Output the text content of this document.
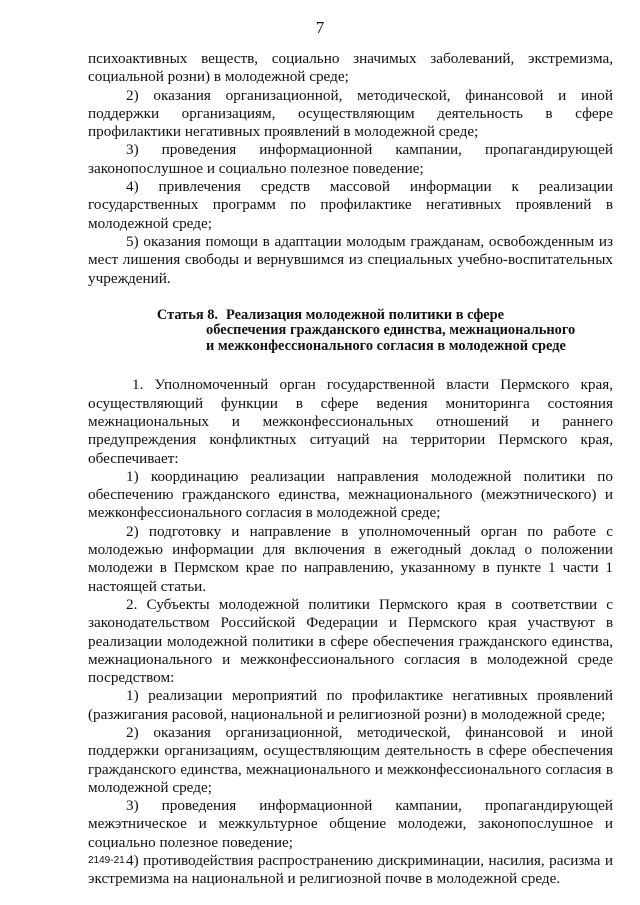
7

психоактивных веществ, социально значимых заболеваний, экстремизма, социальной розни) в молодежной среде;

2) оказания организационной, методической, финансовой и иной поддержки организациям, осуществляющим деятельность в сфере профилактики негативных проявлений в молодежной среде;

3) проведения информационной кампании, пропагандирующей законопослушное и социально полезное поведение;

4) привлечения средств массовой информации к реализации государственных программ по профилактике негативных проявлений в молодежной среде;

5) оказания помощи в адаптации молодым гражданам, освобожденным из мест лишения свободы и вернувшимся из специальных учебно-воспитательных учреждений.

Статья 8. Реализация молодежной политики в сфере
обеспечения гражданского единства, межнационального
и межконфессионального согласия в молодежной среде

1. Уполномоченный орган государственной власти Пермского края, осуществляющий функции в сфере ведения мониторинга состояния межнациональных и межконфессиональных отношений и раннего предупреждения конфликтных ситуаций на территории Пермского края, обеспечивает:

1) координацию реализации направления молодежной политики по обеспечению гражданского единства, межнационального (межэтнического) и межконфессионального согласия в молодежной среде;

2) подготовку и направление в уполномоченный орган по работе с молодежью информации для включения в ежегодный доклад о положении молодежи в Пермском крае по направлению, указанному в пункте 1 части 1 настоящей статьи.

2. Субъекты молодежной политики Пермского края в соответствии с законодательством Российской Федерации и Пермского края участвуют в реализации молодежной политики в сфере обеспечения гражданского единства, межнационального и межконфессионального согласия в молодежной среде посредством:

1) реализации мероприятий по профилактике негативных проявлений (разжигания расовой, национальной и религиозной розни) в молодежной среде;

2) оказания организационной, методической, финансовой и иной поддержки организациям, осуществляющим деятельность в сфере обеспечения гражданского единства, межнационального и межконфессионального согласия в молодежной среде;

3) проведения информационной кампании, пропагандирующей межэтническое и межкультурное общение молодежи, законопослушное и социально полезное поведение;

4) противодействия распространению дискриминации, насилия, расизма и экстремизма на национальной и религиозной почве в молодежной среде.

2149-21
